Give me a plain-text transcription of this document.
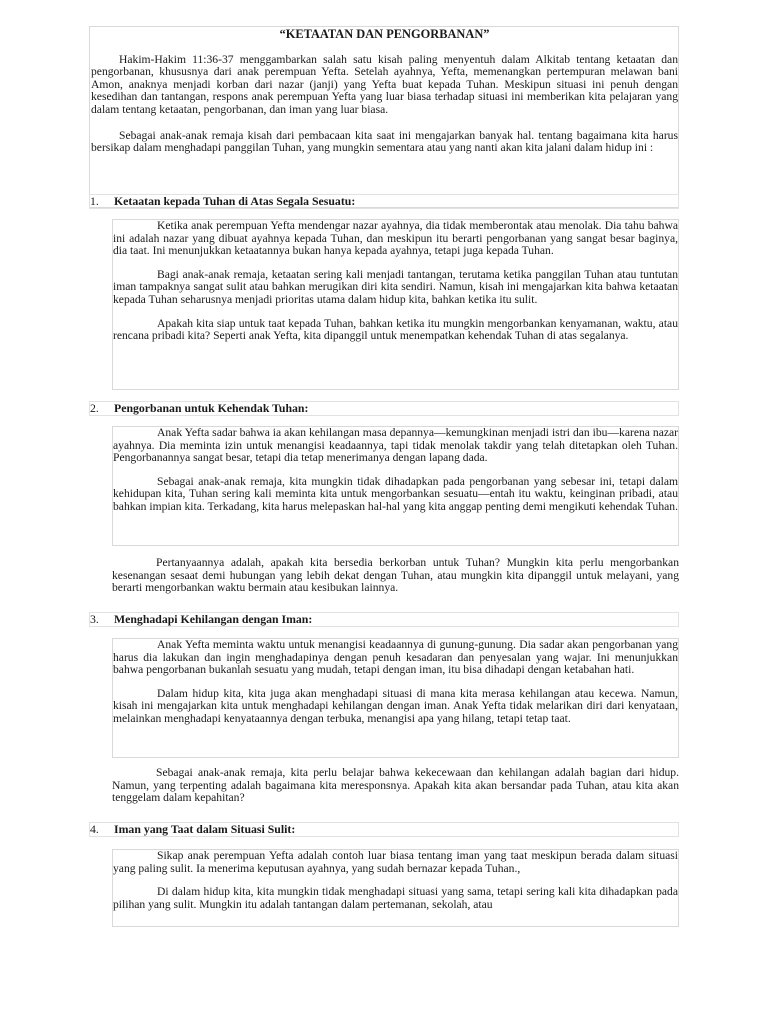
“KETAATAN DAN PENGORBANAN”

Hakim-Hakim 11:36-37 menggambarkan salah satu kisah paling menyentuh dalam Alkitab tentang ketaatan dan pengorbanan, khususnya dari anak perempuan Yefta. Setelah ayahnya, Yefta, memenangkan pertempuran melawan bani Amon, anaknya menjadi korban dari nazar (janji) yang Yefta buat kepada Tuhan. Meskipun situasi ini penuh dengan kesedihan dan tantangan, respons anak perempuan Yefta yang luar biasa terhadap situasi ini memberikan kita pelajaran yang dalam tentang ketaatan, pengorbanan, dan iman yang luar biasa.

Sebagai anak-anak remaja kisah dari pembacaan kita saat ini mengajarkan banyak hal. tentang bagaimana kita harus bersikap dalam menghadapi panggilan Tuhan, yang mungkin sementara atau yang nanti akan kita jalani dalam hidup ini :

1. Ketaatan kepada Tuhan di Atas Segala Sesuatu:

Ketika anak perempuan Yefta mendengar nazar ayahnya, dia tidak memberontak atau menolak. Dia tahu bahwa ini adalah nazar yang dibuat ayahnya kepada Tuhan, dan meskipun itu berarti pengorbanan yang sangat besar baginya, dia taat. Ini menunjukkan ketaatannya bukan hanya kepada ayahnya, tetapi juga kepada Tuhan.

Bagi anak-anak remaja, ketaatan sering kali menjadi tantangan, terutama ketika panggilan Tuhan atau tuntutan iman tampaknya sangat sulit atau bahkan merugikan diri kita sendiri. Namun, kisah ini mengajarkan kita bahwa ketaatan kepada Tuhan seharusnya menjadi prioritas utama dalam hidup kita, bahkan ketika itu sulit.

Apakah kita siap untuk taat kepada Tuhan, bahkan ketika itu mungkin mengorbankan kenyamanan, waktu, atau rencana pribadi kita? Seperti anak Yefta, kita dipanggil untuk menempatkan kehendak Tuhan di atas segalanya.

2. Pengorbanan untuk Kehendak Tuhan:

Anak Yefta sadar bahwa ia akan kehilangan masa depannya—kemungkinan menjadi istri dan ibu—karena nazar ayahnya. Dia meminta izin untuk menangisi keadaannya, tapi tidak menolak takdir yang telah ditetapkan oleh Tuhan. Pengorbanannya sangat besar, tetapi dia tetap menerimanya dengan lapang dada.

Sebagai anak-anak remaja, kita mungkin tidak dihadapkan pada pengorbanan yang sebesar ini, tetapi dalam kehidupan kita, Tuhan sering kali meminta kita untuk mengorbankan sesuatu—entah itu waktu, keinginan pribadi, atau bahkan impian kita. Terkadang, kita harus melepaskan hal-hal yang kita anggap penting demi mengikuti kehendak Tuhan.

Pertanyaannya adalah, apakah kita bersedia berkorban untuk Tuhan? Mungkin kita perlu mengorbankan kesenangan sesaat demi hubungan yang lebih dekat dengan Tuhan, atau mungkin kita dipanggil untuk melayani, yang berarti mengorbankan waktu bermain atau kesibukan lainnya.

3. Menghadapi Kehilangan dengan Iman:

Anak Yefta meminta waktu untuk menangisi keadaannya di gunung-gunung. Dia sadar akan pengorbanan yang harus dia lakukan dan ingin menghadapinya dengan penuh kesadaran dan penyesalan yang wajar. Ini menunjukkan bahwa pengorbanan bukanlah sesuatu yang mudah, tetapi dengan iman, itu bisa dihadapi dengan ketabahan hati.

Dalam hidup kita, kita juga akan menghadapi situasi di mana kita merasa kehilangan atau kecewa. Namun, kisah ini mengajarkan kita untuk menghadapi kehilangan dengan iman. Anak Yefta tidak melarikan diri dari kenyataan, melainkan menghadapi kenyataannya dengan terbuka, menangisi apa yang hilang, tetapi tetap taat.

Sebagai anak-anak remaja, kita perlu belajar bahwa kekecewaan dan kehilangan adalah bagian dari hidup. Namun, yang terpenting adalah bagaimana kita meresponsnya. Apakah kita akan bersandar pada Tuhan, atau kita akan tenggelam dalam kepahitan?

4. Iman yang Taat dalam Situasi Sulit:

Sikap anak perempuan Yefta adalah contoh luar biasa tentang iman yang taat meskipun berada dalam situasi yang paling sulit. Ia menerima keputusan ayahnya, yang sudah bernazar kepada Tuhan.,

Di dalam hidup kita, kita mungkin tidak menghadapi situasi yang sama, tetapi sering kali kita dihadapkan pada pilihan yang sulit. Mungkin itu adalah tantangan dalam pertemanan, sekolah, atau
